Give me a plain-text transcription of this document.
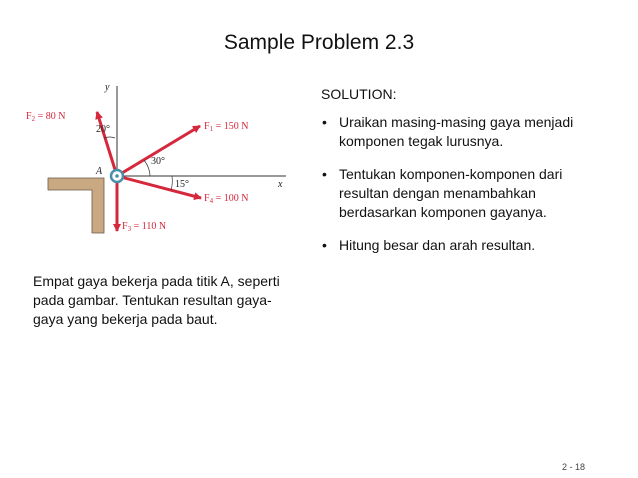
Sample Problem 2.3
y
x
A
$F_2 = 80$ N
$F_1 = 150$ N
$F_4 = 100$ N
$F_3 = 110$ N
20°
30°
15°
SOLUTION:
• Uraikan masing-masing gaya menjadi komponen tegak lurusnya.
• Tentukan komponen-komponen dari resultan dengan menambahkan berdasarkan komponen gayanya.
• Hitung besar dan arah resultan.
Empat gaya bekerja pada titik A, seperti pada gambar. Tentukan resultan gaya-gaya yang bekerja pada baut.
2 - 18
